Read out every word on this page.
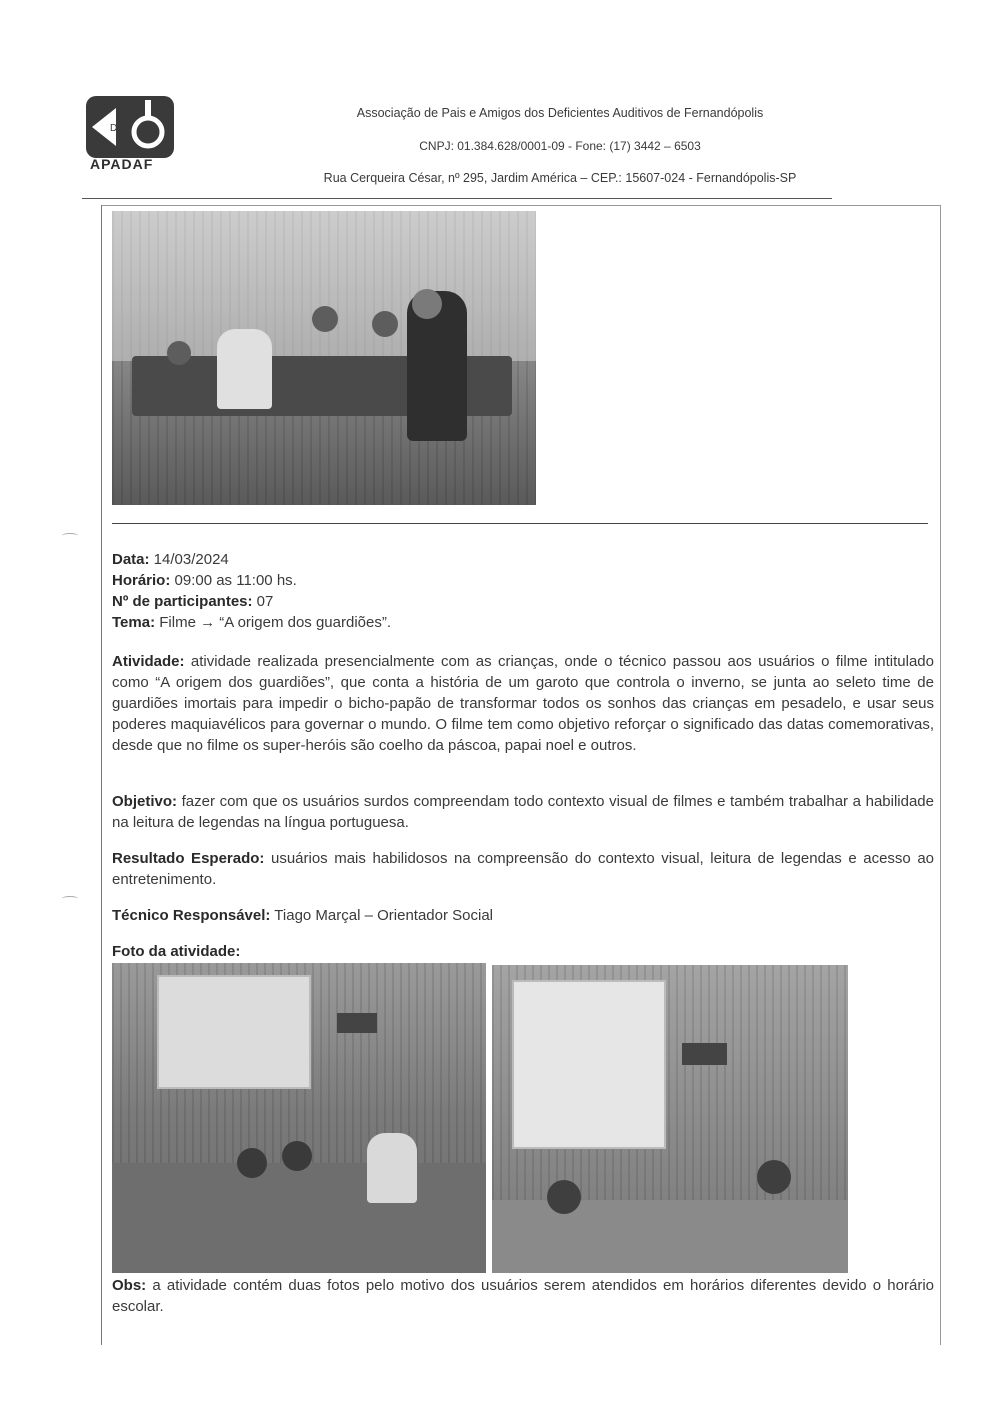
D
APADAF
Associação de Pais e Amigos dos Deficientes Auditivos de Fernandópolis
CNPJ: 01.384.628/0001-09 - Fone: (17) 3442 – 6503
Rua Cerqueira César, nº 295, Jardim América – CEP.: 15607-024 - Fernandópolis-SP
Data: 14/03/2024
Horário: 09:00 as 11:00 hs.
Nº de participantes: 07
Tema: Filme → “A origem dos guardiões”.
Atividade: atividade realizada presencialmente com as crianças, onde o técnico passou aos usuários o filme intitulado como “A origem dos guardiões”, que conta a história de um garoto que controla o inverno, se junta ao seleto time de guardiões imortais para impedir o bicho-papão de transformar todos os sonhos das crianças em pesadelo, e usar seus poderes maquiavélicos para governar o mundo. O filme tem como objetivo reforçar o significado das datas comemorativas, desde que no filme os super-heróis são coelho da páscoa, papai noel e outros.
Objetivo: fazer com que os usuários surdos compreendam todo contexto visual de filmes e também trabalhar a habilidade na leitura de legendas na língua portuguesa.
Resultado Esperado: usuários mais habilidosos na compreensão do contexto visual, leitura de legendas e acesso ao entretenimento.
Técnico Responsável: Tiago Marçal – Orientador Social
Foto da atividade:
Obs: a atividade contém duas fotos pelo motivo dos usuários serem atendidos em horários diferentes devido o horário escolar.
